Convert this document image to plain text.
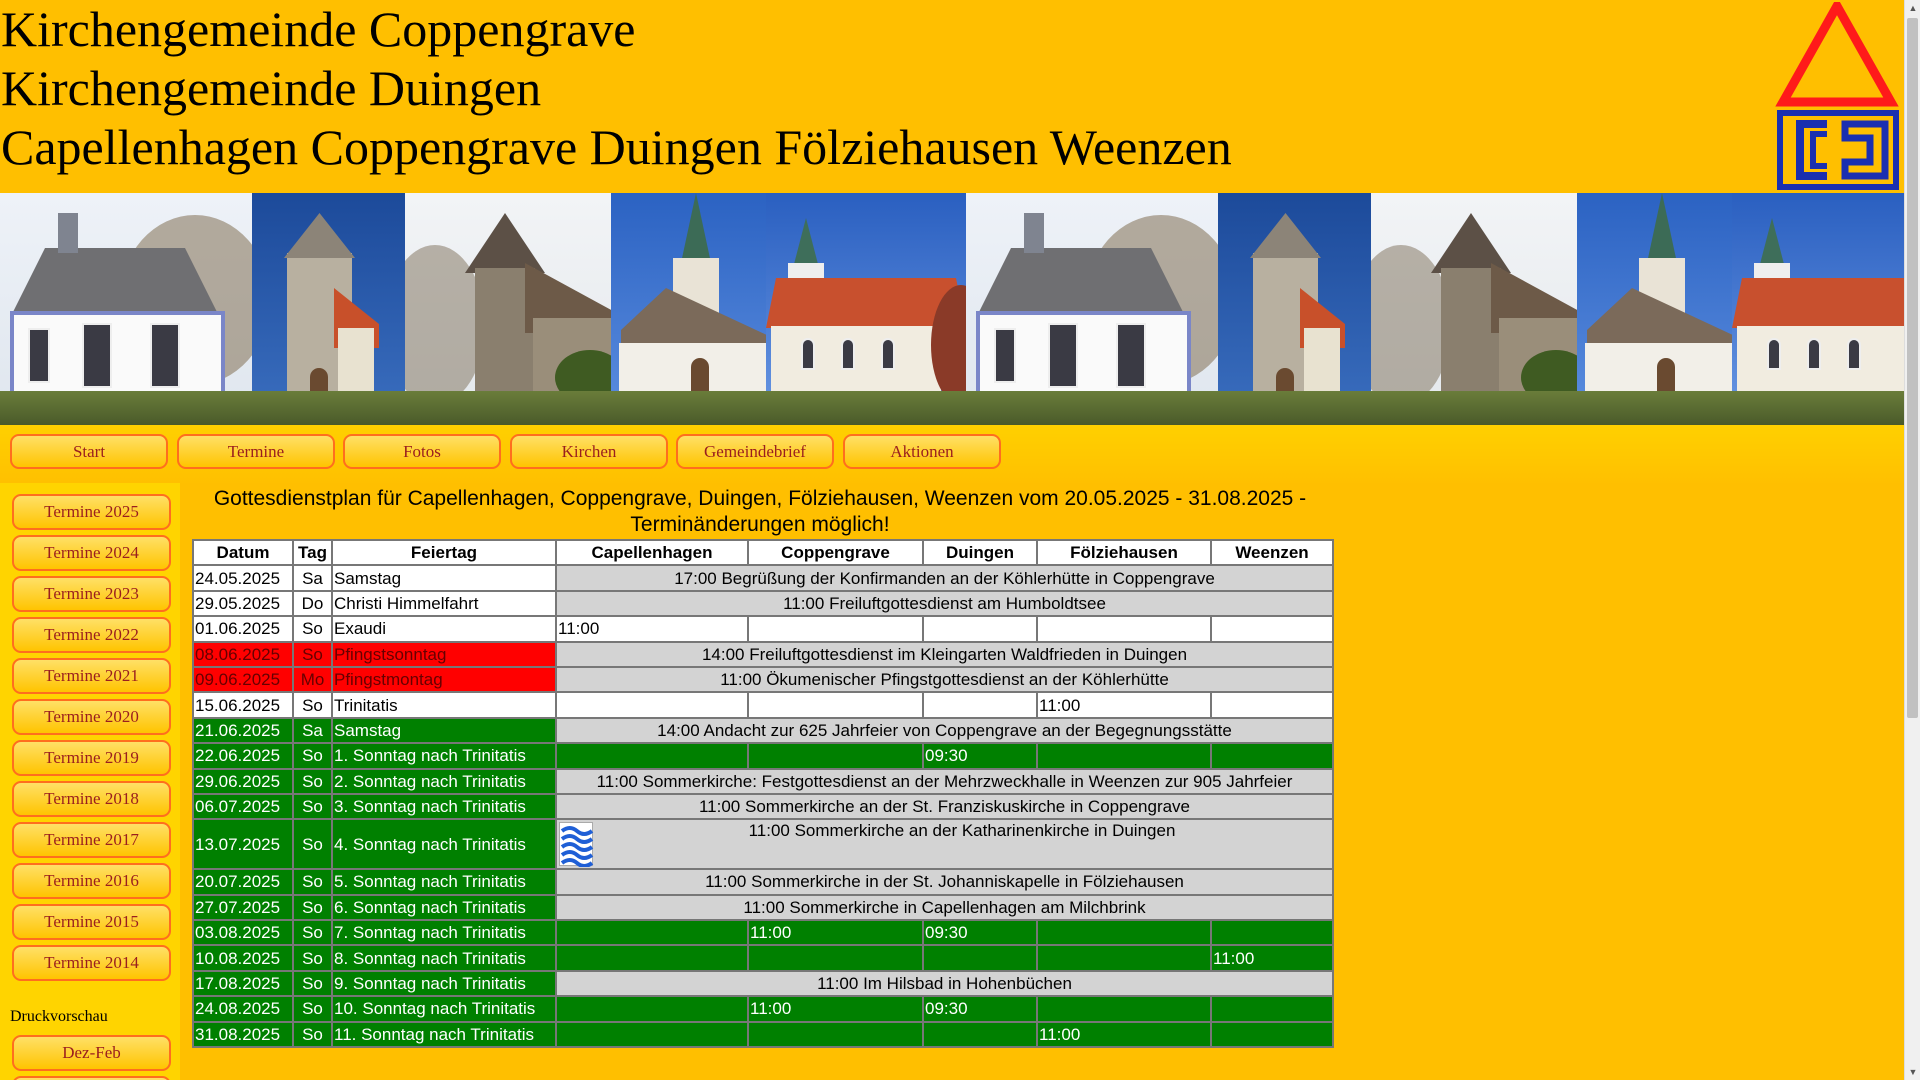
Kirchengemeinde Coppengrave
Kirchengemeinde Duingen
Capellenhagen Coppengrave Duingen Fölziehausen Weenzen
Start	Termine	Fotos	Kirchen	Gemeindebrief	Aktionen
Termine 2025
Termine 2024
Termine 2023
Termine 2022
Termine 2021
Termine 2020
Termine 2019
Termine 2018
Termine 2017
Termine 2016
Termine 2015
Termine 2014
Druckvorschau
Dez-Feb
Gottesdienstplan für Capellenhagen, Coppengrave, Duingen, Fölziehausen, Weenzen vom 20.05.2025 - 31.08.2025 - Terminänderungen möglich!
Datum	Tag	Feiertag	Capellenhagen	Coppengrave	Duingen	Fölziehausen	Weenzen
24.05.2025	Sa	Samstag	17:00 Begrüßung der Konfirmanden an der Köhlerhütte in Coppengrave				
29.05.2025	Do	Christi Himmelfahrt	11:00 Freiluftgottesdienst am Humboldtsee				
01.06.2025	So	Exaudi	11:00				
08.06.2025	So	Pfingstsonntag	14:00 Freiluftgottesdienst im Kleingarten Waldfrieden in Duingen				
09.06.2025	Mo	Pfingstmontag	11:00 Ökumenischer Pfingstgottesdienst an der Köhlerhütte				
15.06.2025	So	Trinitatis				11:00	
21.06.2025	Sa	Samstag	14:00 Andacht zur 625 Jahrfeier von Coppengrave an der Begegnungsstätte				
22.06.2025	So	1. Sonntag nach Trinitatis			09:30		
29.06.2025	So	2. Sonntag nach Trinitatis	11:00 Sommerkirche: Festgottesdienst an der Mehrzweckhalle in Weenzen zur 905 Jahrfeier				
06.07.2025	So	3. Sonntag nach Trinitatis	11:00 Sommerkirche an der St. Franziskuskirche in Coppengrave				
13.07.2025	So	4. Sonntag nach Trinitatis	11:00 Sommerkirche an der Katharinenkirche in Duingen				
20.07.2025	So	5. Sonntag nach Trinitatis	11:00 Sommerkirche in der St. Johanniskapelle in Fölziehausen				
27.07.2025	So	6. Sonntag nach Trinitatis	11:00 Sommerkirche in Capellenhagen am Milchbrink				
03.08.2025	So	7. Sonntag nach Trinitatis		11:00	09:30		
10.08.2025	So	8. Sonntag nach Trinitatis					11:00
17.08.2025	So	9. Sonntag nach Trinitatis	11:00 Im Hilsbad in Hohenbüchen				
24.08.2025	So	10. Sonntag nach Trinitatis		11:00	09:30		
31.08.2025	So	11. Sonntag nach Trinitatis				11:00	
▲
▼
